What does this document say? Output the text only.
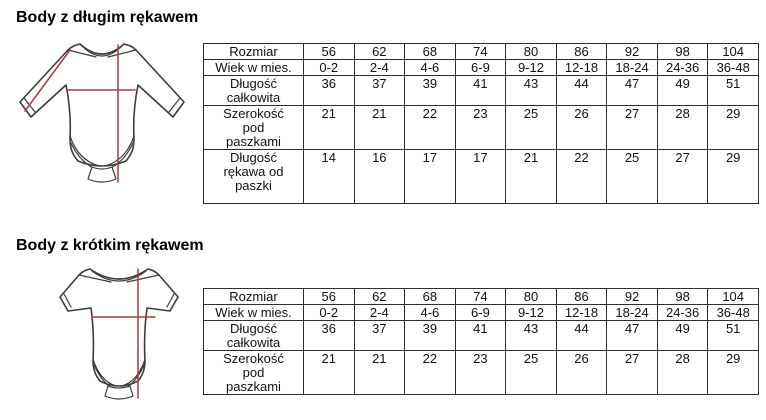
Body z długim rękawem
Rozmiar	56	62	68	74	80	86	92	98	104
Wiek w mies.	0-2	2-4	4-6	6-9	9-12	12-18	18-24	24-36	36-48
Długość całkowita	36	37	39	41	43	44	47	49	51
Szerokość pod paszkami	21	21	22	23	25	26	27	28	29
Długość rękawa od paszki	14	16	17	17	21	22	25	27	29
Body z krótkim rękawem
Rozmiar	56	62	68	74	80	86	92	98	104
Wiek w mies.	0-2	2-4	4-6	6-9	9-12	12-18	18-24	24-36	36-48
Długość całkowita	36	37	39	41	43	44	47	49	51
Szerokość pod paszkami	21	21	22	23	25	26	27	28	29
